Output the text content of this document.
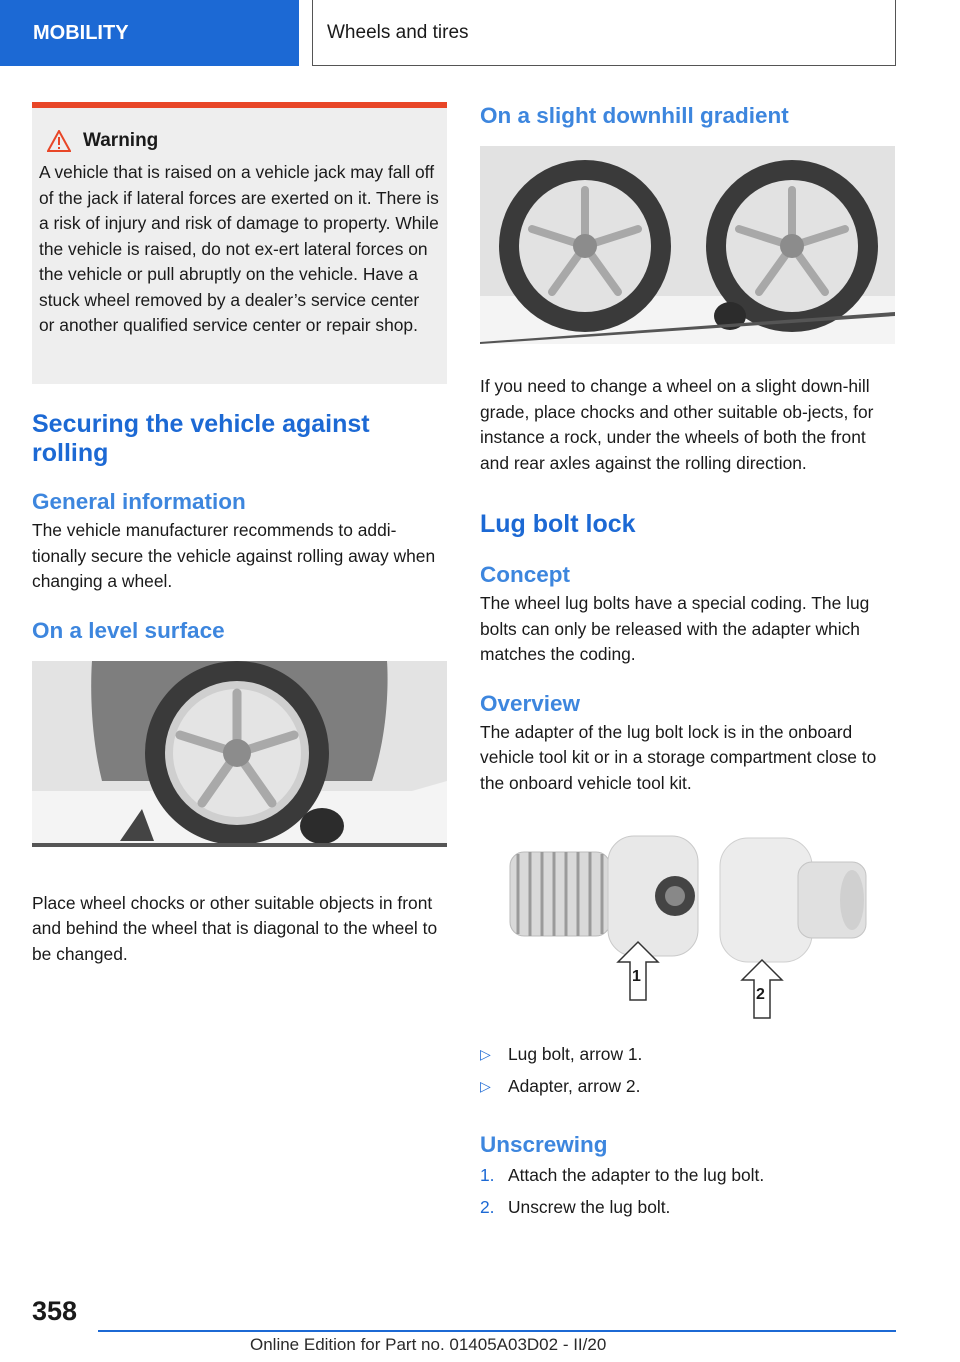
MOBILITY	Wheels and tires
Warning

A vehicle that is raised on a vehicle jack may fall off of the jack if lateral forces are exerted on it. There is a risk of injury and risk of damage to property. While the vehicle is raised, do not ex‐ert lateral forces on the vehicle or pull abruptly on the vehicle. Have a stuck wheel removed by a dealer’s service center or another qualified service center or repair shop.

Securing the vehicle against rolling
General information

The vehicle manufacturer recommends to addi‐tionally secure the vehicle against rolling away when changing a wheel.

On a level surface

Place wheel chocks or other suitable objects in front and behind the wheel that is diagonal to the wheel to be changed.

On a slight downhill gradient

If you need to change a wheel on a slight down‐hill grade, place chocks and other suitable ob‐jects, for instance a rock, under the wheels of both the front and rear axles against the rolling direction.

Lug bolt lock
Concept

The wheel lug bolts have a special coding. The lug bolts can only be released with the adapter which matches the coding.

Overview

The adapter of the lug bolt lock is in the onboard vehicle tool kit or in a storage compartment close to the onboard vehicle tool kit.

1
2
▷ Lug bolt, arrow 1.
▷ Adapter, arrow 2.
Unscrewing
1. Attach the adapter to the lug bolt.
2. Unscrew the lug bolt.
358
Online Edition for Part no. 01405A03D02 - II/20
